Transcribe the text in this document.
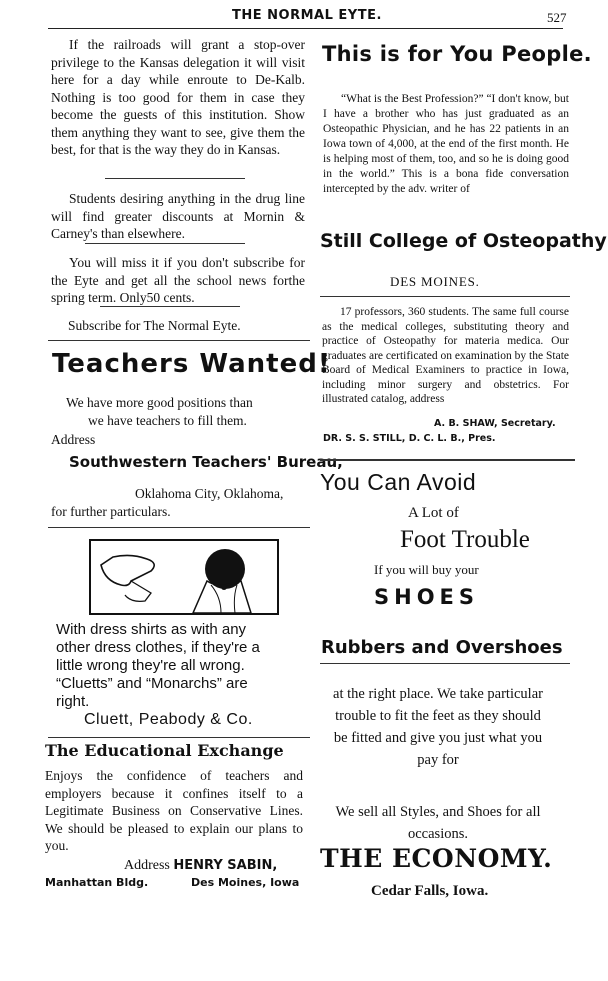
THE NORMAL EYTE.	527
If the railroads will grant a stop-over privilege to the Kansas delegation it will visit here for a day while enroute to De-Kalb. Nothing is too good for them in case they become the guests of this institution. Show them anything they want to see, give them the best, for that is the way they do in Kansas.
Students desiring anything in the drug line will find greater discounts at Mornin & Carney's than elsewhere.
You will miss it if you don't subscribe for the Eyte and get all the school news forthe spring term. Only50 cents.
Subscribe for The Normal Eyte.
Teachers Wanted!
We have more good positions than
we have teachers to fill them.
Address
Southwestern Teachers' Bureau,
Oklahoma City, Oklahoma,
for further particulars.
With dress shirts as with any other dress clothes, if they're a little wrong they're all wrong. “Cluetts” and “Monarchs” are right.
Cluett, Peabody & Co.
The Educational Exchange
Enjoys the confidence of teachers and employers because it confines itself to a Legitimate Business on Conservative Lines. We should be pleased to explain our plans to you.
Address HENRY SABIN,
Manhattan Bldg.	Des Moines, Iowa
This is for You People.
“What is the Best Profession?” “I don't know, but I have a brother who has just graduated as an Osteopathic Physician, and he has 22 patients in an Iowa town of 4,000, at the end of the first month. He is helping most of them, too, and so he is doing good in the world.” This is a bona fide conversation intercepted by the adv. writer of
Still College of Osteopathy
DES MOINES.
17 professors, 360 students. The same full course as the medical colleges, substituting theory and practice of Osteopathy for materia medica. Our graduates are certificated on examination by the State Board of Medical Examiners to practice in Iowa, including minor surgery and obstetrics. For illustrated catalog, address
A. B. SHAW, Secretary.
DR. S. S. STILL, D. C. L. B., Pres.
You Can Avoid
A Lot of
Foot Trouble
If you will buy your
SHOES
Rubbers and Overshoes
at the right place. We take particular trouble to fit the feet as they should be fitted and give you just what you pay for
We sell all Styles, and Shoes for all occasions.
THE ECONOMY.
Cedar Falls, Iowa.
